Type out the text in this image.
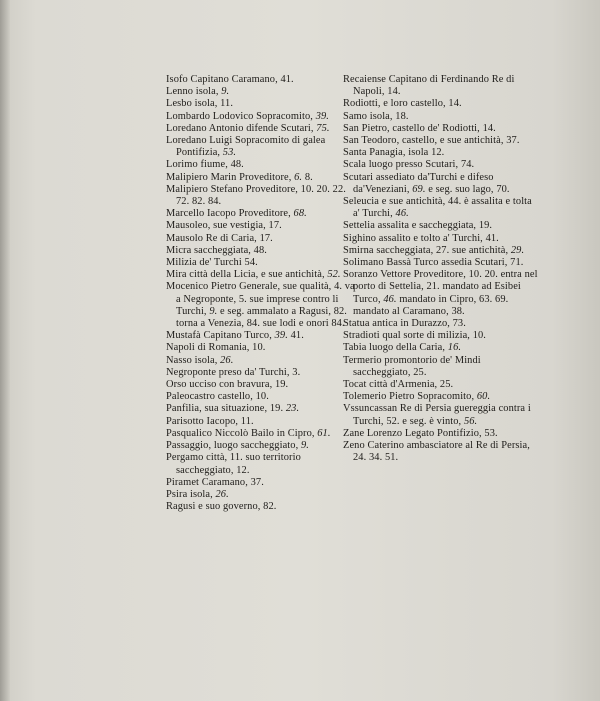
Isofo Capitano Caramano, 41.
Lenno isola, 9.
Lesbo isola, 11.
Lombardo Lodovico Sopracomito, 39.
Loredano Antonio difende Scutari, 75.
Loredano Luigi Sopracomito di galea Pontifizia, 53.
Lorimo fiume, 48.
Malipiero Marin Proveditore, 6. 8.
Malipiero Stefano Proveditore, 10. 20. 22. 72. 82. 84.
Marcello Iacopo Proveditore, 68.
Mausoleo, sue vestigia, 17.
Mausolo Re di Caria, 17.
Micra saccheggiata, 48.
Milizia de' Turchi 54.
Mira città della Licia, e sue antichità, 52.
Mocenico Pietro Generale, sue qualità, 4. va a Negroponte, 5. sue imprese contro li Turchi, 9. e seg. ammalato a Ragusi, 82. torna a Venezia, 84. sue lodi e onori 84.
Mustafà Capitano Turco, 39. 41.
Napoli di Romania, 10.
Nasso isola, 26.
Negroponte preso da' Turchi, 3.
Orso ucciso con bravura, 19.
Paleocastro castello, 10.
Panfilia, sua situazione, 19. 23.
Parisotto Iacopo, 11.
Pasqualico Niccolò Bailo in Cipro, 61.
Passaggio, luogo saccheggiato, 9.
Pergamo città, 11. suo territorio saccheggiato, 12.
Piramet Caramano, 37.
Psira isola, 26.
Ragusi e suo governo, 82.
Recaiense Capitano di Ferdinando Re di Napoli, 14.
Rodiotti, e loro castello, 14.
Samo isola, 18.
San Pietro, castello de' Rodiotti, 14.
San Teodoro, castello, e sue antichità, 37.
Santa Panagia, isola 12.
Scala luogo presso Scutari, 74.
Scutari assediato da'Turchi e difeso da'Veneziani, 69. e seg. suo lago, 70.
Seleucia e sue antichità, 44. è assalita e tolta a' Turchi, 46.
Settelia assalita e saccheggiata, 19.
Sighino assalito e tolto a' Turchi, 41.
Smirna saccheggiata, 27. sue antichità, 29.
Solimano Bassà Turco assedia Scutari, 71.
Soranzo Vettore Proveditore, 10. 20. entra nel porto di Settelia, 21. mandato ad Esibei Turco, 46. mandato in Cipro, 63. 69. mandato al Caramano, 38.
Statua antica in Durazzo, 73.
Stradioti qual sorte di milizia, 10.
Tabia luogo della Caria, 16.
Termerio promontorio de' Mindi saccheggiato, 25.
Tocat città d'Armenia, 25.
Tolemerio Pietro Sopracomito, 60.
Vssuncassan Re di Persia guereggia contra i Turchi, 52. e seg. è vinto, 56.
Zane Lorenzo Legato Pontifizio, 53.
Zeno Caterino ambasciatore al Re di Persia, 24. 34. 51.
